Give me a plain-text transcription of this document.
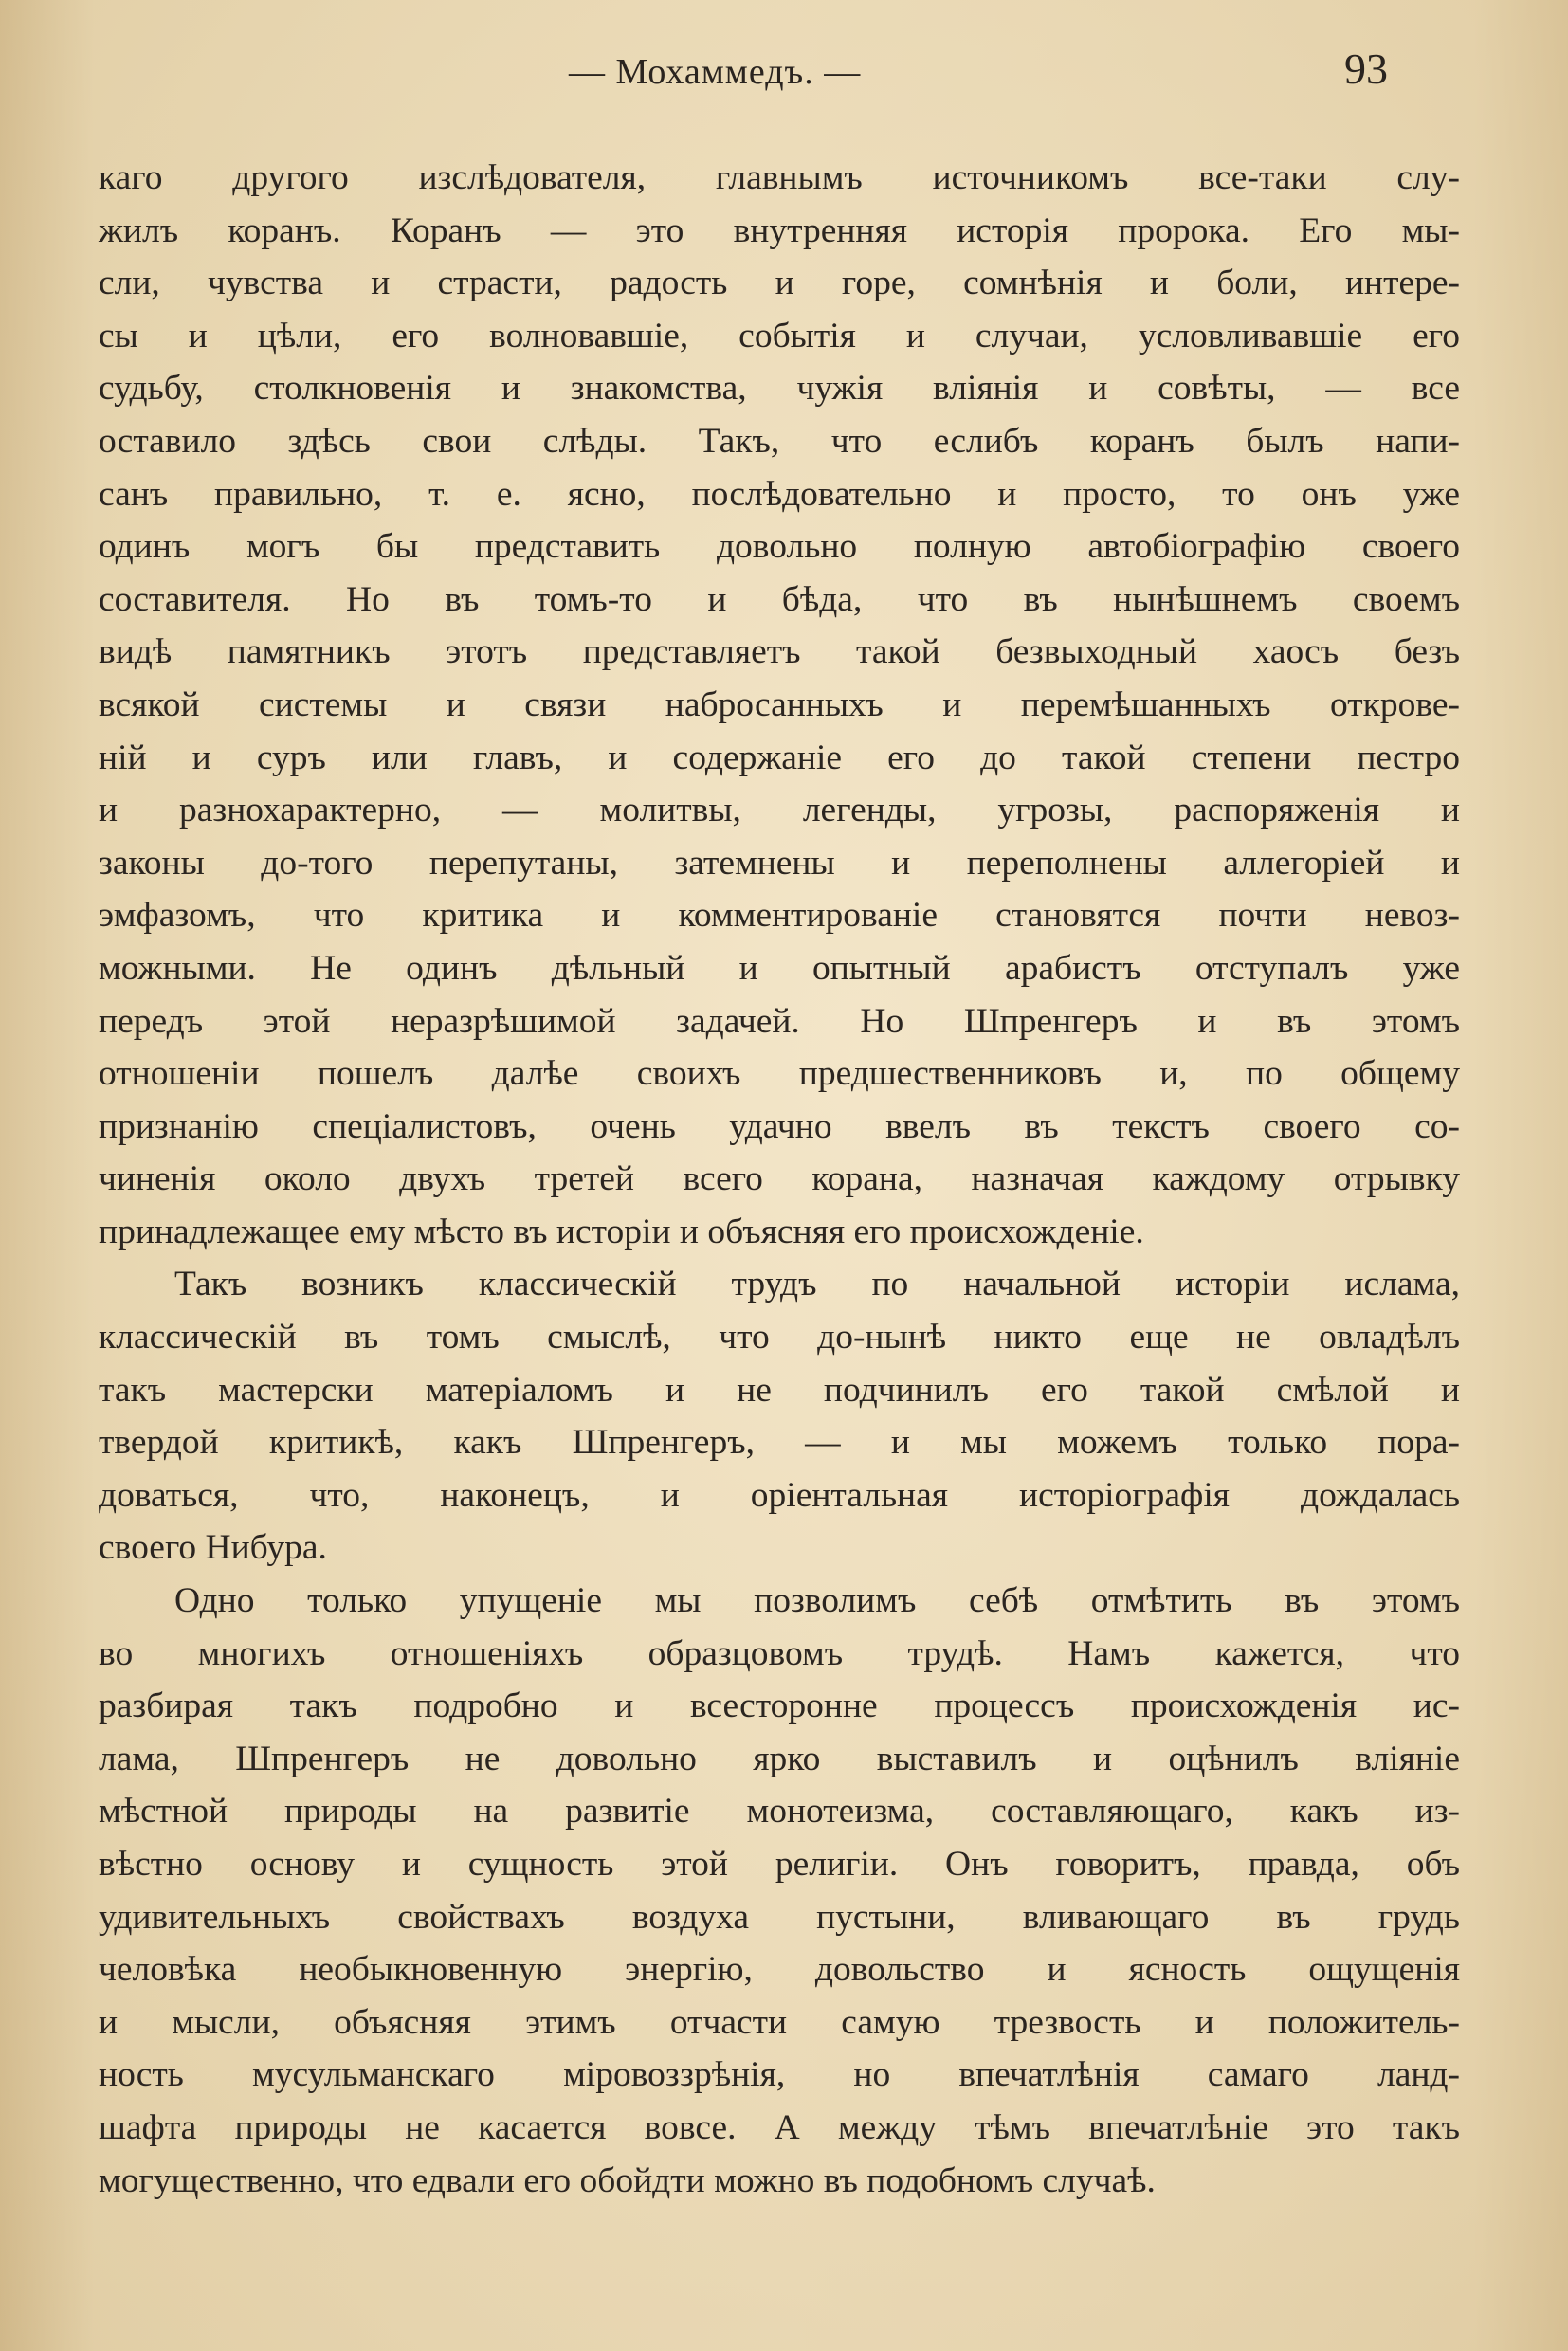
— Мохаммедъ. —	93
каго другого изслѣдователя, главнымъ источникомъ все-таки слу-
жилъ коранъ. Коранъ — это внутренняя исторія пророка. Его мы-
сли, чувства и страсти, радость и горе, сомнѣнія и боли, интере-
сы и цѣли, его волновавшіе, событія и случаи, условливавшіе его
судьбу, столкновенія и знакомства, чужія вліянія и совѣты, — все
оставило здѣсь свои слѣды. Такъ, что еслибъ коранъ былъ напи-
санъ правильно, т. е. ясно, послѣдовательно и просто, то онъ уже
одинъ могъ бы представить довольно полную автобіографію своего
составителя. Но въ томъ-то и бѣда, что въ нынѣшнемъ своемъ
видѣ памятникъ этотъ представляетъ такой безвыходный хаосъ безъ
всякой системы и связи набросанныхъ и перемѣшанныхъ открове-
ній и суръ или главъ, и содержаніе его до такой степени пестро
и разнохарактерно, — молитвы, легенды, угрозы, распоряженія и
законы до-того перепутаны, затемнены и переполнены аллегоріей и
эмфазомъ, что критика и комментированіе становятся почти невоз-
можными. Не одинъ дѣльный и опытный арабистъ отступалъ уже
передъ этой неразрѣшимой задачей. Но Шпренгеръ и въ этомъ
отношеніи пошелъ далѣе своихъ предшественниковъ и, по общему
признанію спеціалистовъ, очень удачно ввелъ въ текстъ своего со-
чиненія около двухъ третей всего корана, назначая каждому отрывку
принадлежащее ему мѣсто въ исторіи и объясняя его происхожденіе.
Такъ возникъ классическій трудъ по начальной исторіи ислама,
классическій въ томъ смыслѣ, что до-нынѣ никто еще не овладѣлъ
такъ мастерски матеріаломъ и не подчинилъ его такой смѣлой и
твердой критикѣ, какъ Шпренгеръ, — и мы можемъ только пора-
доваться, что, наконецъ, и оріентальная исторіографія дождалась
своего Нибура.
Одно только упущеніе мы позволимъ себѣ отмѣтить въ этомъ
во многихъ отношеніяхъ образцовомъ трудѣ. Намъ кажется, что
разбирая такъ подробно и всесторонне процессъ происхожденія ис-
лама, Шпренгеръ не довольно ярко выставилъ и оцѣнилъ вліяніе
мѣстной природы на развитіе монотеизма, составляющаго, какъ из-
вѣстно основу и сущность этой религіи. Онъ говоритъ, правда, объ
удивительныхъ свойствахъ воздуха пустыни, вливающаго въ грудь
человѣка необыкновенную энергію, довольство и ясность ощущенія
и мысли, объясняя этимъ отчасти самую трезвость и положитель-
ность мусульманскаго міровоззрѣнія, но впечатлѣнія самаго ланд-
шафта природы не касается вовсе. А между тѣмъ впечатлѣніе это такъ
могущественно, что едвали его обойдти можно въ подобномъ случаѣ.
